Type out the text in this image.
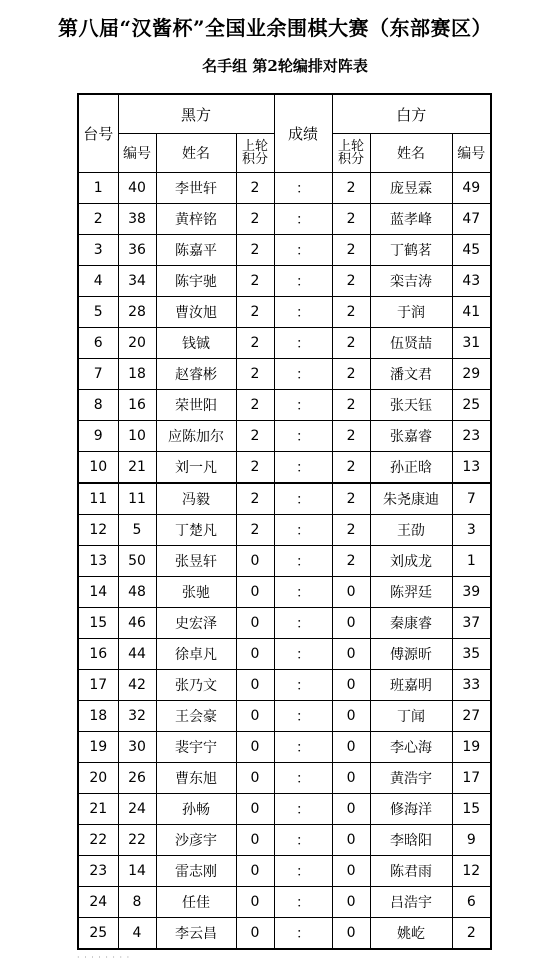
第八届“汉酱杯”全国业余围棋大赛（东部赛区）
名手组 第2轮编排对阵表
台号	黑方			成绩	白方		
	编号	姓名	上轮积分		上轮积分	姓名	编号
1	40	李世轩	2	：	2	庞昱霖	49
2	38	黄梓铭	2	：	2	蓝孝峰	47
3	36	陈嘉平	2	：	2	丁鹤茗	45
4	34	陈宇驰	2	：	2	栾吉涛	43
5	28	曹汝旭	2	：	2	于润	41
6	20	钱铖	2	：	2	伍贤喆	31
7	18	赵睿彬	2	：	2	潘文君	29
8	16	荣世阳	2	：	2	张天钰	25
9	10	应陈加尔	2	：	2	张嘉睿	23
10	21	刘一凡	2	：	2	孙正晗	13
11	11	冯毅	2	：	2	朱尧康迪	7
12	5	丁楚凡	2	：	2	王劭	3
13	50	张昱轩	0	：	2	刘成龙	1
14	48	张驰	0	：	0	陈羿廷	39
15	46	史宏泽	0	：	0	秦康睿	37
16	44	徐卓凡	0	：	0	傅源昕	35
17	42	张乃文	0	：	0	班嘉明	33
18	32	王会豪	0	：	0	丁闻	27
19	30	裴宇宁	0	：	0	李心海	19
20	26	曹东旭	0	：	0	黄浩宇	17
21	24	孙畅	0	：	0	修海洋	15
22	22	沙彦宇	0	：	0	李晗阳	9
23	14	雷志刚	0	：	0	陈君雨	12
24	8	任佳	0	：	0	吕浩宇	6
25	4	李云昌	0	：	0	姚屹	2
· · · · · · · ·
